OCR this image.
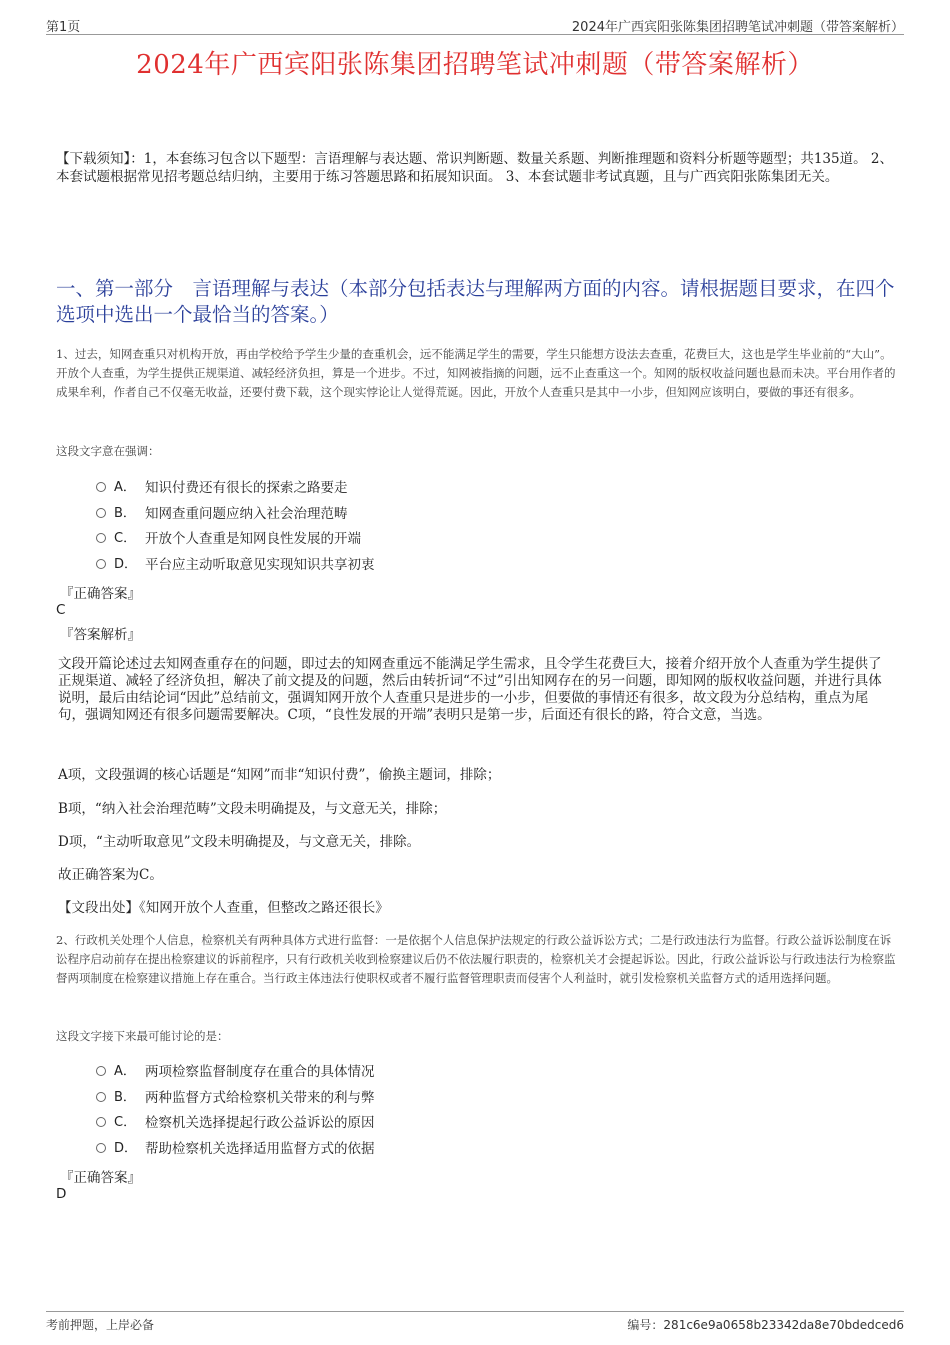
第1页	2024年广西宾阳张陈集团招聘笔试冲刺题（带答案解析）
2024年广西宾阳张陈集团招聘笔试冲刺题（带答案解析）
【下载须知】：1，本套练习包含以下题型：言语理解与表达题、常识判断题、数量关系题、判断推理题和资料分析题等题型；共135道。 2、本套试题根据常见招考题总结归纳，主要用于练习答题思路和拓展知识面。 3、本套试题非考试真题，且与广西宾阳张陈集团无关。
一、第一部分　言语理解与表达（本部分包括表达与理解两方面的内容。请根据题目要求，在四个选项中选出一个最恰当的答案。）
1、过去，知网查重只对机构开放，再由学校给予学生少量的查重机会，远不能满足学生的需要，学生只能想方设法去查重，花费巨大，这也是学生毕业前的“大山”。开放个人查重，为学生提供正规渠道、减轻经济负担，算是一个进步。不过，知网被指摘的问题，远不止查重这一个。知网的版权收益问题也悬而未决。平台用作者的成果牟利，作者自己不仅毫无收益，还要付费下载，这个现实悖论让人觉得荒诞。因此，开放个人查重只是其中一小步，但知网应该明白，要做的事还有很多。
这段文字意在强调：
A． 知识付费还有很长的探索之路要走
B． 知网查重问题应纳入社会治理范畴
C． 开放个人查重是知网良性发展的开端
D． 平台应主动听取意见实现知识共享初衷
『正确答案』
C
『答案解析』
文段开篇论述过去知网查重存在的问题，即过去的知网查重远不能满足学生需求，且令学生花费巨大，接着介绍开放个人查重为学生提供了正规渠道、减轻了经济负担，解决了前文提及的问题，然后由转折词“不过”引出知网存在的另一问题，即知网的版权收益问题，并进行具体说明，最后由结论词“因此”总结前文，强调知网开放个人查重只是进步的一小步，但要做的事情还有很多，故文段为分总结构，重点为尾句，强调知网还有很多问题需要解决。C项，“良性发展的开端”表明只是第一步，后面还有很长的路，符合文意，当选。
A项，文段强调的核心话题是“知网”而非“知识付费”，偷换主题词，排除；
B项，“纳入社会治理范畴”文段未明确提及，与文意无关，排除；
D项，“主动听取意见”文段未明确提及，与文意无关，排除。
故正确答案为C。
【文段出处】《知网开放个人查重，但整改之路还很长》
2、行政机关处理个人信息，检察机关有两种具体方式进行监督：一是依据个人信息保护法规定的行政公益诉讼方式；二是行政违法行为监督。行政公益诉讼制度在诉讼程序启动前存在提出检察建议的诉前程序，只有行政机关收到检察建议后仍不依法履行职责的，检察机关才会提起诉讼。因此，行政公益诉讼与行政违法行为检察监督两项制度在检察建议措施上存在重合。当行政主体违法行使职权或者不履行监督管理职责而侵害个人利益时，就引发检察机关监督方式的适用选择问题。
这段文字接下来最可能讨论的是：
A． 两项检察监督制度存在重合的具体情况
B． 两种监督方式给检察机关带来的利与弊
C． 检察机关选择提起行政公益诉讼的原因
D． 帮助检察机关选择适用监督方式的依据
『正确答案』
D
考前押题，上岸必备	编号：281c6e9a0658b23342da8e70bdedced6
